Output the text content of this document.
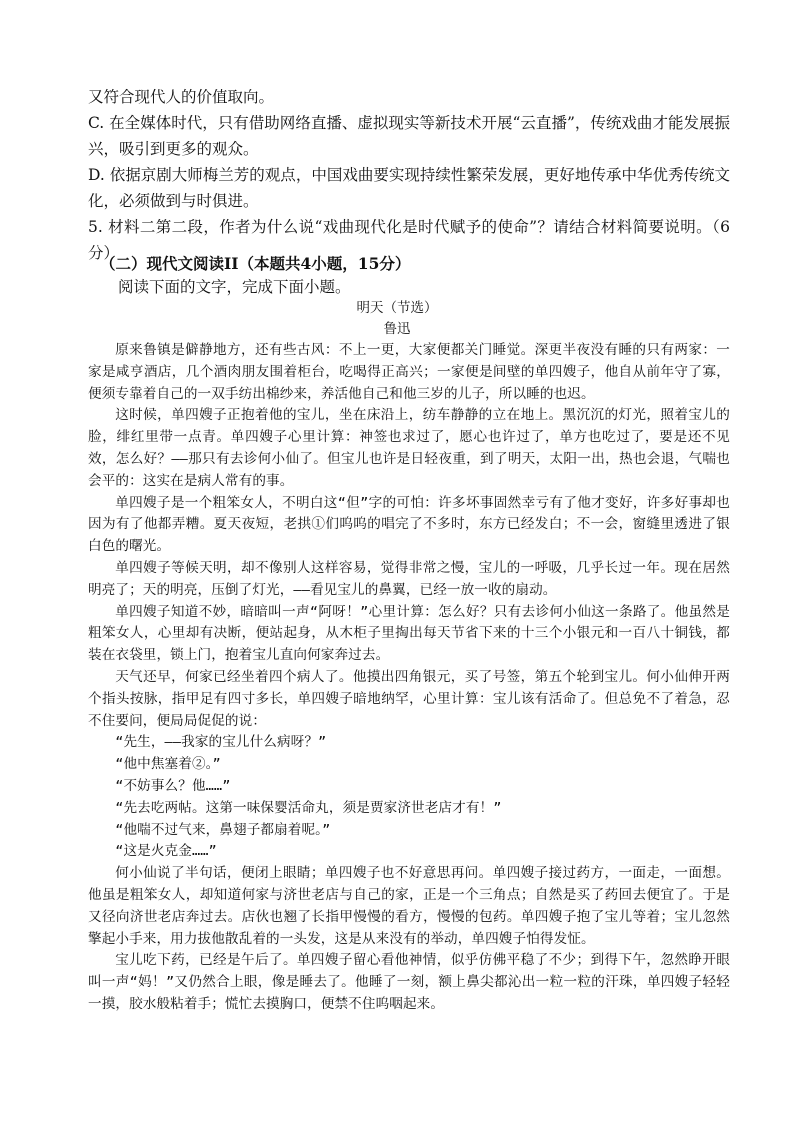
又符合现代人的价值取向。
C. 在全媒体时代，只有借助网络直播、虚拟现实等新技术开展“云直播”，传统戏曲才能发展振兴，吸引到更多的观众。
D. 依据京剧大师梅兰芳的观点，中国戏曲要实现持续性繁荣发展，更好地传承中华优秀传统文化，必须做到与时俱进。
5. 材料二第二段，作者为什么说“戏曲现代化是时代赋予的使命”？请结合材料简要说明。（6分）
（二）现代文阅读II（本题共4小题，15分）
阅读下面的文字，完成下面小题。
明天（节选）
鲁迅

原来鲁镇是僻静地方，还有些古风：不上一更，大家便都关门睡觉。深更半夜没有睡的只有两家：一家是咸亨酒店，几个酒肉朋友围着柜台，吃喝得正高兴；一家便是间壁的单四嫂子，他自从前年守了寡，便须专靠着自己的一双手纺出棉纱来，养活他自己和他三岁的儿子，所以睡的也迟。

这时候，单四嫂子正抱着他的宝儿，坐在床沿上，纺车静静的立在地上。黑沉沉的灯光，照着宝儿的脸，绯红里带一点青。单四嫂子心里计算：神签也求过了，愿心也许过了，单方也吃过了，要是还不见效，怎么好？——那只有去诊何小仙了。但宝儿也许是日轻夜重，到了明天，太阳一出，热也会退，气喘也会平的：这实在是病人常有的事。

单四嫂子是一个粗笨女人，不明白这“但”字的可怕：许多坏事固然幸亏有了他才变好，许多好事却也因为有了他都弄糟。夏天夜短，老拱①们呜呜的唱完了不多时，东方已经发白；不一会，窗缝里透进了银白色的曙光。

单四嫂子等候天明，却不像别人这样容易，觉得非常之慢，宝儿的一呼吸，几乎长过一年。现在居然明亮了；天的明亮，压倒了灯光，——看见宝儿的鼻翼，已经一放一收的扇动。

单四嫂子知道不妙，暗暗叫一声“阿呀！”心里计算：怎么好？只有去诊何小仙这一条路了。他虽然是粗笨女人，心里却有决断，便站起身，从木柜子里掏出每天节省下来的十三个小银元和一百八十铜钱，都装在衣袋里，锁上门，抱着宝儿直向何家奔过去。

天气还早，何家已经坐着四个病人了。他摸出四角银元，买了号签，第五个轮到宝儿。何小仙伸开两个指头按脉，指甲足有四寸多长，单四嫂子暗地纳罕，心里计算：宝儿该有活命了。但总免不了着急，忍不住要问，便局局促促的说：

“先生，——我家的宝儿什么病呀？”

“他中焦塞着②。”

“不妨事么？他……”

“先去吃两帖。这第一味保婴活命丸，须是贾家济世老店才有！”

“他喘不过气来，鼻翅子都扇着呢。”

“这是火克金……”

何小仙说了半句话，便闭上眼睛；单四嫂子也不好意思再问。单四嫂子接过药方，一面走，一面想。他虽是粗笨女人，却知道何家与济世老店与自己的家，正是一个三角点；自然是买了药回去便宜了。于是又径向济世老店奔过去。店伙也翘了长指甲慢慢的看方，慢慢的包药。单四嫂子抱了宝儿等着；宝儿忽然擎起小手来，用力拔他散乱着的一头发，这是从来没有的举动，单四嫂子怕得发怔。

宝儿吃下药，已经是午后了。单四嫂子留心看他神情，似乎仿佛平稳了不少；到得下午，忽然睁开眼叫一声“妈！”又仍然合上眼，像是睡去了。他睡了一刻，额上鼻尖都沁出一粒一粒的汗珠，单四嫂子轻轻一摸，胶水般粘着手；慌忙去摸胸口，便禁不住呜咽起来。
